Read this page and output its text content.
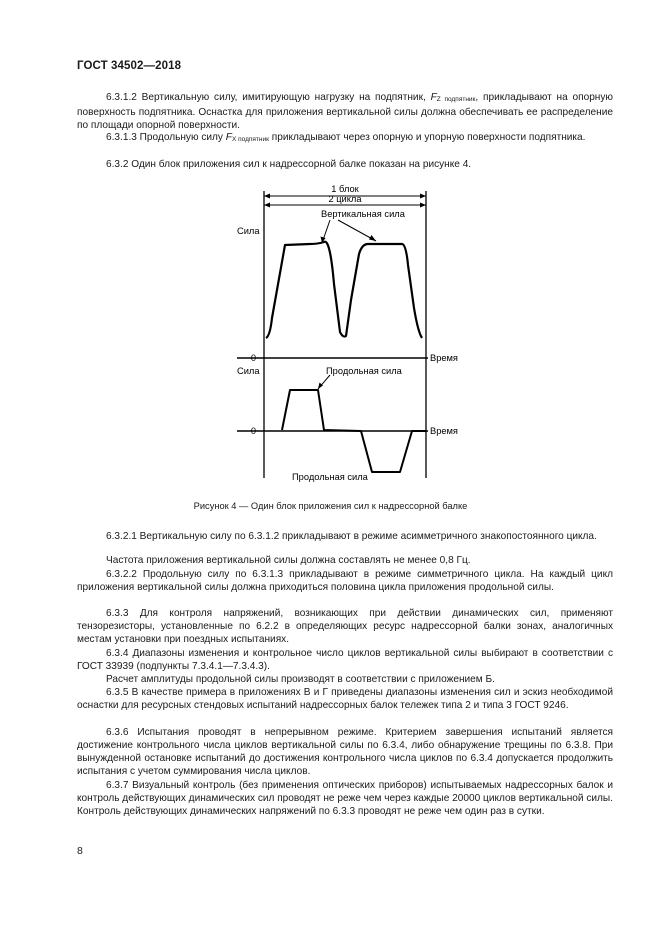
ГОСТ 34502—2018

6.3.1.2 Вертикальную силу, имитирующую нагрузку на подпятник, FZ подпятник, прикладывают на опорную поверхность подпятника. Оснастка для приложения вертикальной силы должна обеспечивать ее распределение по площади опорной поверхности.

6.3.1.3 Продольную силу FX подпятник прикладывают через опорную и упорную поверхности подпятника.

6.3.2 Один блок приложения сил к надрессорной балке показан на рисунке 4.

1 блок
2 цикла
Сила
Вертикальная сила
0	Время
Сила	Продольная сила
0	Время
Продольная сила
Рисунок 4 — Один блок приложения сил к надрессорной балке

6.3.2.1 Вертикальную силу по 6.3.1.2 прикладывают в режиме асимметричного знакопостоянного цикла.

Частота приложения вертикальной силы должна составлять не менее 0,8 Гц.

6.3.2.2 Продольную силу по 6.3.1.3 прикладывают в режиме симметричного цикла. На каждый цикл приложения вертикальной силы должна приходиться половина цикла приложения продольной силы.

6.3.3 Для контроля напряжений, возникающих при действии динамических сил, применяют тензорезисторы, установленные по 6.2.2 в определяющих ресурс надрессорной балки зонах, аналогичных местам установки при поездных испытаниях.

6.3.4 Диапазоны изменения и контрольное число циклов вертикальной силы выбирают в соответствии с ГОСТ 33939 (подпункты 7.3.4.1—7.3.4.3).

Расчет амплитуды продольной силы производят в соответствии с приложением Б.

6.3.5 В качестве примера в приложениях В и Г приведены диапазоны изменения сил и эскиз необходимой оснастки для ресурсных стендовых испытаний надрессорных балок тележек типа 2 и типа 3 ГОСТ 9246.

6.3.6 Испытания проводят в непрерывном режиме. Критерием завершения испытаний является достижение контрольного числа циклов вертикальной силы по 6.3.4, либо обнаружение трещины по 6.3.8. При вынужденной остановке испытаний до достижения контрольного числа циклов по 6.3.4 допускается продолжить испытания с учетом суммирования числа циклов.

6.3.7 Визуальный контроль (без применения оптических приборов) испытываемых надрессорных балок и контроль действующих динамических сил проводят не реже чем через каждые 20000 циклов вертикальной силы. Контроль действующих динамических напряжений по 6.3.3 проводят не реже чем один раз в сутки.

8
